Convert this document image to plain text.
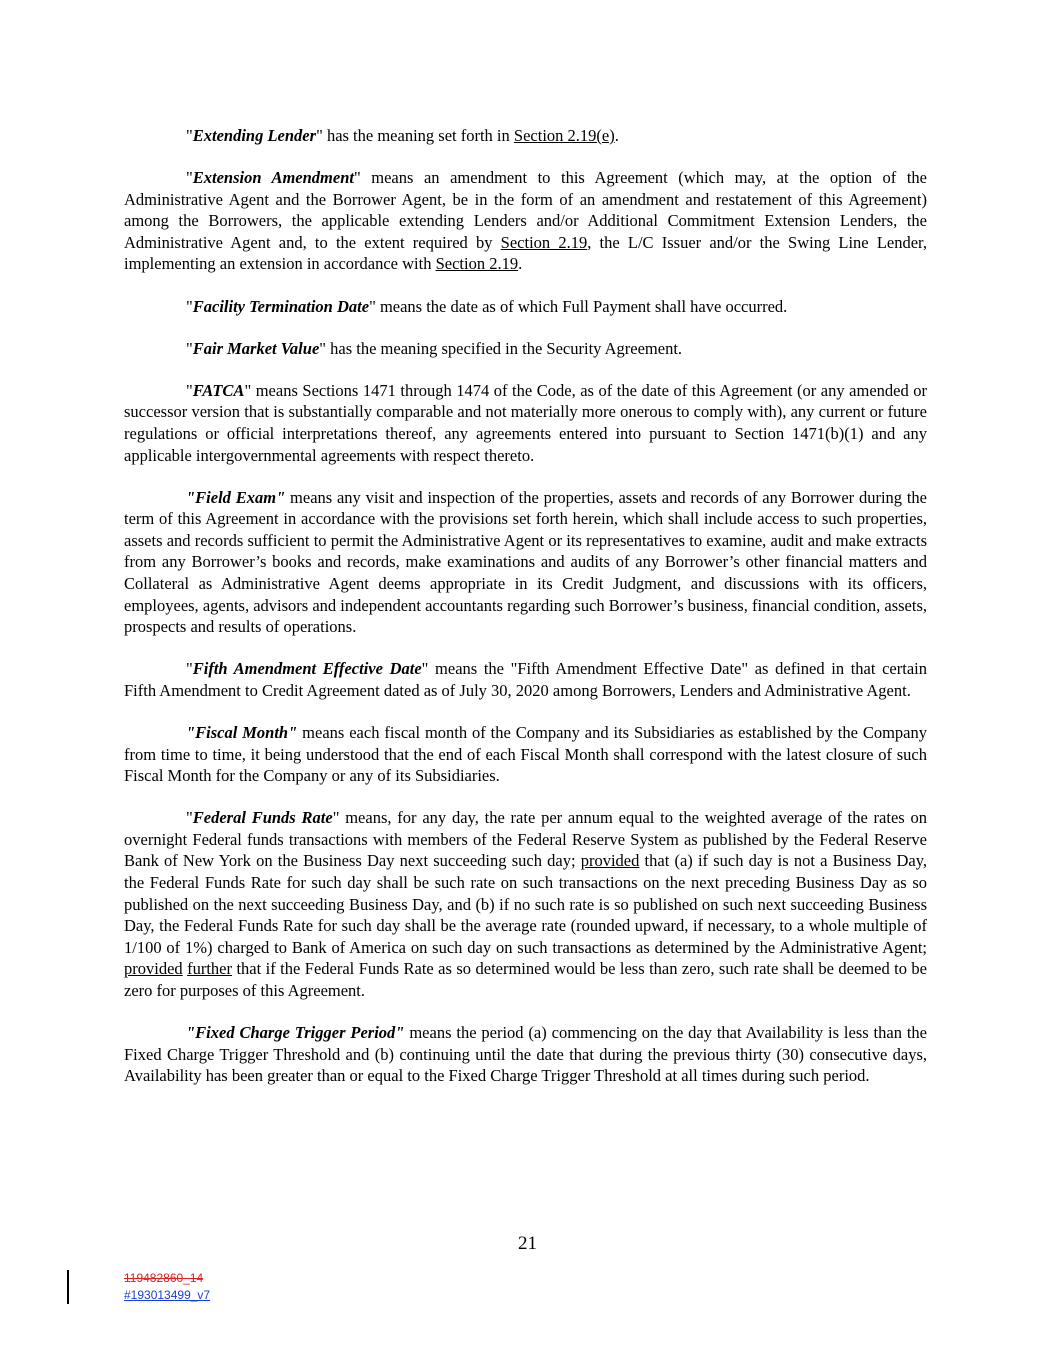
"Extending Lender" has the meaning set forth in Section 2.19(e).

"Extension Amendment" means an amendment to this Agreement (which may, at the option of the Administrative Agent and the Borrower Agent, be in the form of an amendment and restatement of this Agreement) among the Borrowers, the applicable extending Lenders and/or Additional Commitment Extension Lenders, the Administrative Agent and, to the extent required by Section 2.19, the L/C Issuer and/or the Swing Line Lender, implementing an extension in accordance with Section 2.19.

"Facility Termination Date" means the date as of which Full Payment shall have occurred.

"Fair Market Value" has the meaning specified in the Security Agreement.

"FATCA" means Sections 1471 through 1474 of the Code, as of the date of this Agreement (or any amended or successor version that is substantially comparable and not materially more onerous to comply with), any current or future regulations or official interpretations thereof, any agreements entered into pursuant to Section 1471(b)(1) and any applicable intergovernmental agreements with respect thereto.

"Field Exam" means any visit and inspection of the properties, assets and records of any Borrower during the term of this Agreement in accordance with the provisions set forth herein, which shall include access to such properties, assets and records sufficient to permit the Administrative Agent or its representatives to examine, audit and make extracts from any Borrower’s books and records, make examinations and audits of any Borrower’s other financial matters and Collateral as Administrative Agent deems appropriate in its Credit Judgment, and discussions with its officers, employees, agents, advisors and independent accountants regarding such Borrower’s business, financial condition, assets, prospects and results of operations.

"Fifth Amendment Effective Date" means the "Fifth Amendment Effective Date" as defined in that certain Fifth Amendment to Credit Agreement dated as of July 30, 2020 among Borrowers, Lenders and Administrative Agent.

"Fiscal Month" means each fiscal month of the Company and its Subsidiaries as established by the Company from time to time, it being understood that the end of each Fiscal Month shall correspond with the latest closure of such Fiscal Month for the Company or any of its Subsidiaries.

"Federal Funds Rate" means, for any day, the rate per annum equal to the weighted average of the rates on overnight Federal funds transactions with members of the Federal Reserve System as published by the Federal Reserve Bank of New York on the Business Day next succeeding such day; provided that (a) if such day is not a Business Day, the Federal Funds Rate for such day shall be such rate on such transactions on the next preceding Business Day as so published on the next succeeding Business Day, and (b) if no such rate is so published on such next succeeding Business Day, the Federal Funds Rate for such day shall be the average rate (rounded upward, if necessary, to a whole multiple of 1/100 of 1%) charged to Bank of America on such day on such transactions as determined by the Administrative Agent; provided further that if the Federal Funds Rate as so determined would be less than zero, such rate shall be deemed to be zero for purposes of this Agreement.

"Fixed Charge Trigger Period" means the period (a) commencing on the day that Availability is less than the Fixed Charge Trigger Threshold and (b) continuing until the date that during the previous thirty (30) consecutive days, Availability has been greater than or equal to the Fixed Charge Trigger Threshold at all times during such period.

21
119482860_14
#193013499_v7
